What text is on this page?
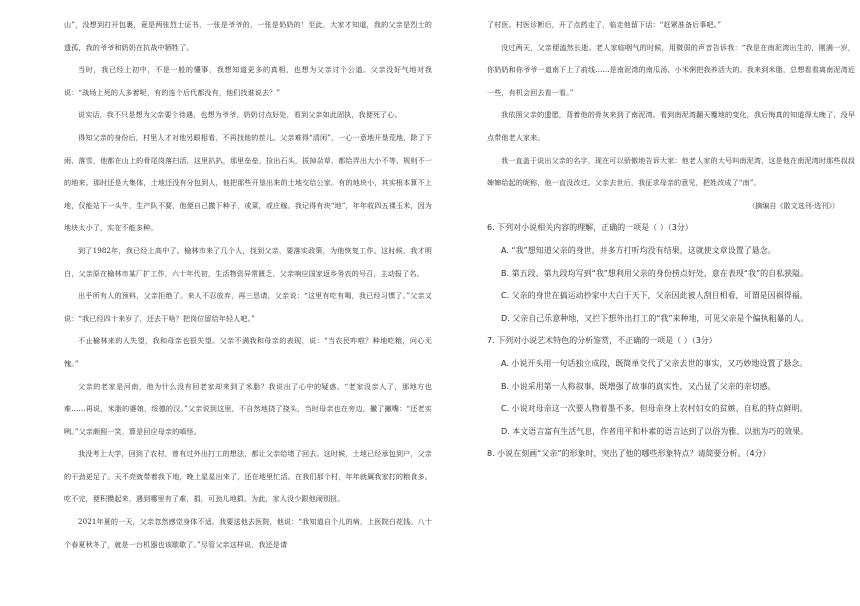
山”，没想到打开包裹，竟是两张烈士证书，一张是爷爷的，一张是奶奶的！至此，大家才知道，我的父亲是烈士的遗孤，我的爷爷和奶奶在抗战中牺牲了。

当时，我已经上初中，不是一般的懂事，我想知道更多的真相，也想为父亲讨个公道。父亲没好气地对我说：“战场上死的人多着呢，有的连个后代都没有，他们找谁说去？”

说实话，我不只是想为父亲要个待遇，也想为爷爷、奶奶讨点好处，看到父亲如此固执，我便死了心。

得知父亲的身份后，村里人才对他另眼相看，不再找他的茬儿。父亲难得“清闲”，一心一意地开垦荒地，除了下雨、落雪，他都在山上的骨尾岗落扫活，这里扒扒，那里垒垒，捡出石头，拔掉杂草，都给弄出大小不等、规则不一的地来。那时还是大集体，土地还没有分包到人，他把那些开垦出来的土地交给公家。有的地块小，其实根本算不上地，仅能站下一头牛，生产队不要，他便自己撒下种子，或菜，或庄稼。我记得有块“地”，年年收四五裸玉米，因为地块太小了，实在不能多种。

到了1982年，我已经上高中了。榆林市来了几个人，找到父亲，要落实政策，为他恢复工作。这时候，我才明白，父亲原在榆林市某厂扩工作，六十年代初，生活物资异常匮乏，父亲响应国家返乡务农的号召，主动报了名。

出乎所有人的预料，父亲拒绝了。来人不忍放弃，再三恳请，父亲说：“这里有吃有喝，我已经习惯了。”父亲又说：“我已经四十来岁了，还去干啥？把岗位留给年轻人吧。”

不止榆林来的人失望，我和母亲也很失望。父亲不满我和母亲的表现，说：“当农民咋啦？种地吃粮，问心无愧。”

父亲的老家是河南，他为什么没有回老家却来到了米脂？我说出了心中的疑惑。“老家没亲人了，那地方也难……再说，米脂的婆娘，绥德的汉。”父亲说到这里，不自然地挠了挠头，当时母亲也在旁边，撇了撇嘴：“还老实咧。”父亲颇照一笑，算是回应母亲的嗔怪。

我没考上大学，回到了农村，曾有过外出打工的想法，都让父亲给堵了回去。这时候，土地已经承包到户，父亲的干劲更足了。天不亮就带着我下地，晚上星星出来了，还在地里忙活。在我们那个村，年年就属我家打的粮食多。吃不完，便积攒起来，遇到哪里有了难，捐，可劲儿地捐。为此，家人没少跟他闹别扭。

2021年夏的一天，父亲忽然感觉身体不适。我要送他去医院，他说：“我知道自个儿的病，上医院白花钱。八十个春夏秋冬了，就是一台机器也该歇歇了。”尽管父亲这样说，我还是请

了村医。村医诊断后，开了点药走了，临走他留下话：“赶紧准备后事吧。”

没过两天，父亲便溘然长逝。老人家临咽气的时候，用微弱的声音告诉我：“我是在南泥湾出生的，刚满一岁，你奶奶和你爷爷一道南下上了前线……是南泥湾的南瓜汤、小米粥把我养活大的。我来到米脂，总想看看离南泥湾近一些，有机会回去看一看。”

我依照父亲的遗愿，背着他的骨灰来到了南泥湾。看到南泥湾翻天覆地的变化，我后悔真的知道得太晚了，没早点带他老人家来。

我一直盖于说出父亲的名字，现在可以骄傲地告诉大家：他老人家的大号叫南泥湾，这是他在南泥湾时那些叔叔婶婶给起的昵称，他一直没改过。父亲去世后，我征求母亲的意见，把姓改成了“南”。

（摘编自《散文选刊·选刊》）

6. 下列对小说相关内容的理解，正确的一项是（ ）（3分）

A. “我”想知道父亲的身世，并多方打听均没有结果，这就使文章设置了悬念。

B. 第五段、第九段均写到“我”想利用父亲的身份捞点好处，意在表现“我”的自私狭隘。

C. 父亲的身世在搞运动抄家中大白于天下，父亲因此被人刮目相看，可谓是因祸得福。

D. 父亲自己乐意种地，又拦下想外出打工的“我”来种地，可见父亲是个偏执粗暴的人。

7. 下列对小说艺术特色的分析鉴赏，不正确的一项是（ ）（3分）

A. 小说开头用一句话独立成段，既简单交代了父亲去世的事实，又巧妙地设置了悬念。

B. 小说采用第一人称叙事，既增强了故事的真实性，又凸显了父亲的亲切感。

C. 小说对母亲这一次要人物着墨不多，但母亲身上农村妇女的贫嫉、自私的特点鲜明。

D. 本文语言富有生活气息，作者用平和朴素的语言达到了以俗为雅、以拙为巧的效果。

8. 小说在刻画“父亲”的形象时，突出了他的哪些形象特点？请简要分析。（4分）
